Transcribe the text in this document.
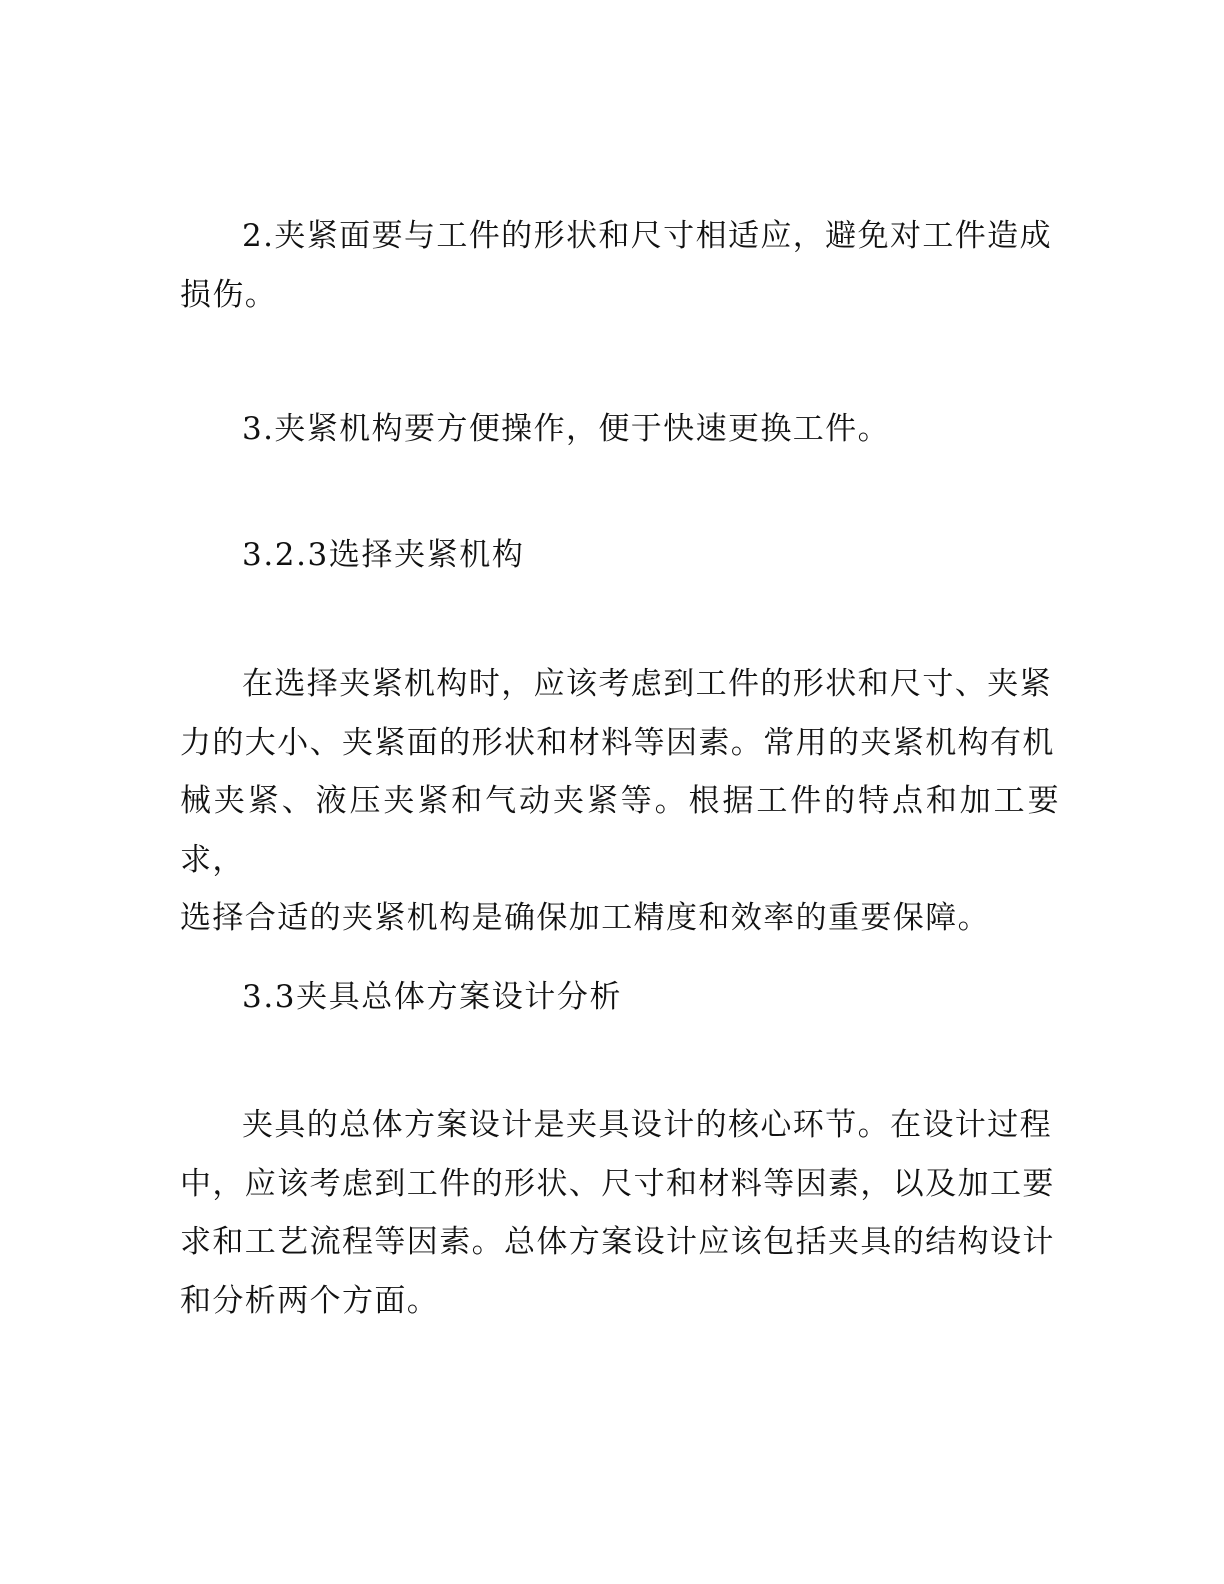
2.夹紧面要与工件的形状和尺寸相适应，避免对工件造成
损伤。
3.夹紧机构要方便操作，便于快速更换工件。
3.2.3选择夹紧机构
在选择夹紧机构时，应该考虑到工件的形状和尺寸、夹紧
力的大小、夹紧面的形状和材料等因素。常用的夹紧机构有机
械夹紧、液压夹紧和气动夹紧等。根据工件的特点和加工要求，
选择合适的夹紧机构是确保加工精度和效率的重要保障。
3.3夹具总体方案设计分析
夹具的总体方案设计是夹具设计的核心环节。在设计过程
中，应该考虑到工件的形状、尺寸和材料等因素，以及加工要
求和工艺流程等因素。总体方案设计应该包括夹具的结构设计
和分析两个方面。
